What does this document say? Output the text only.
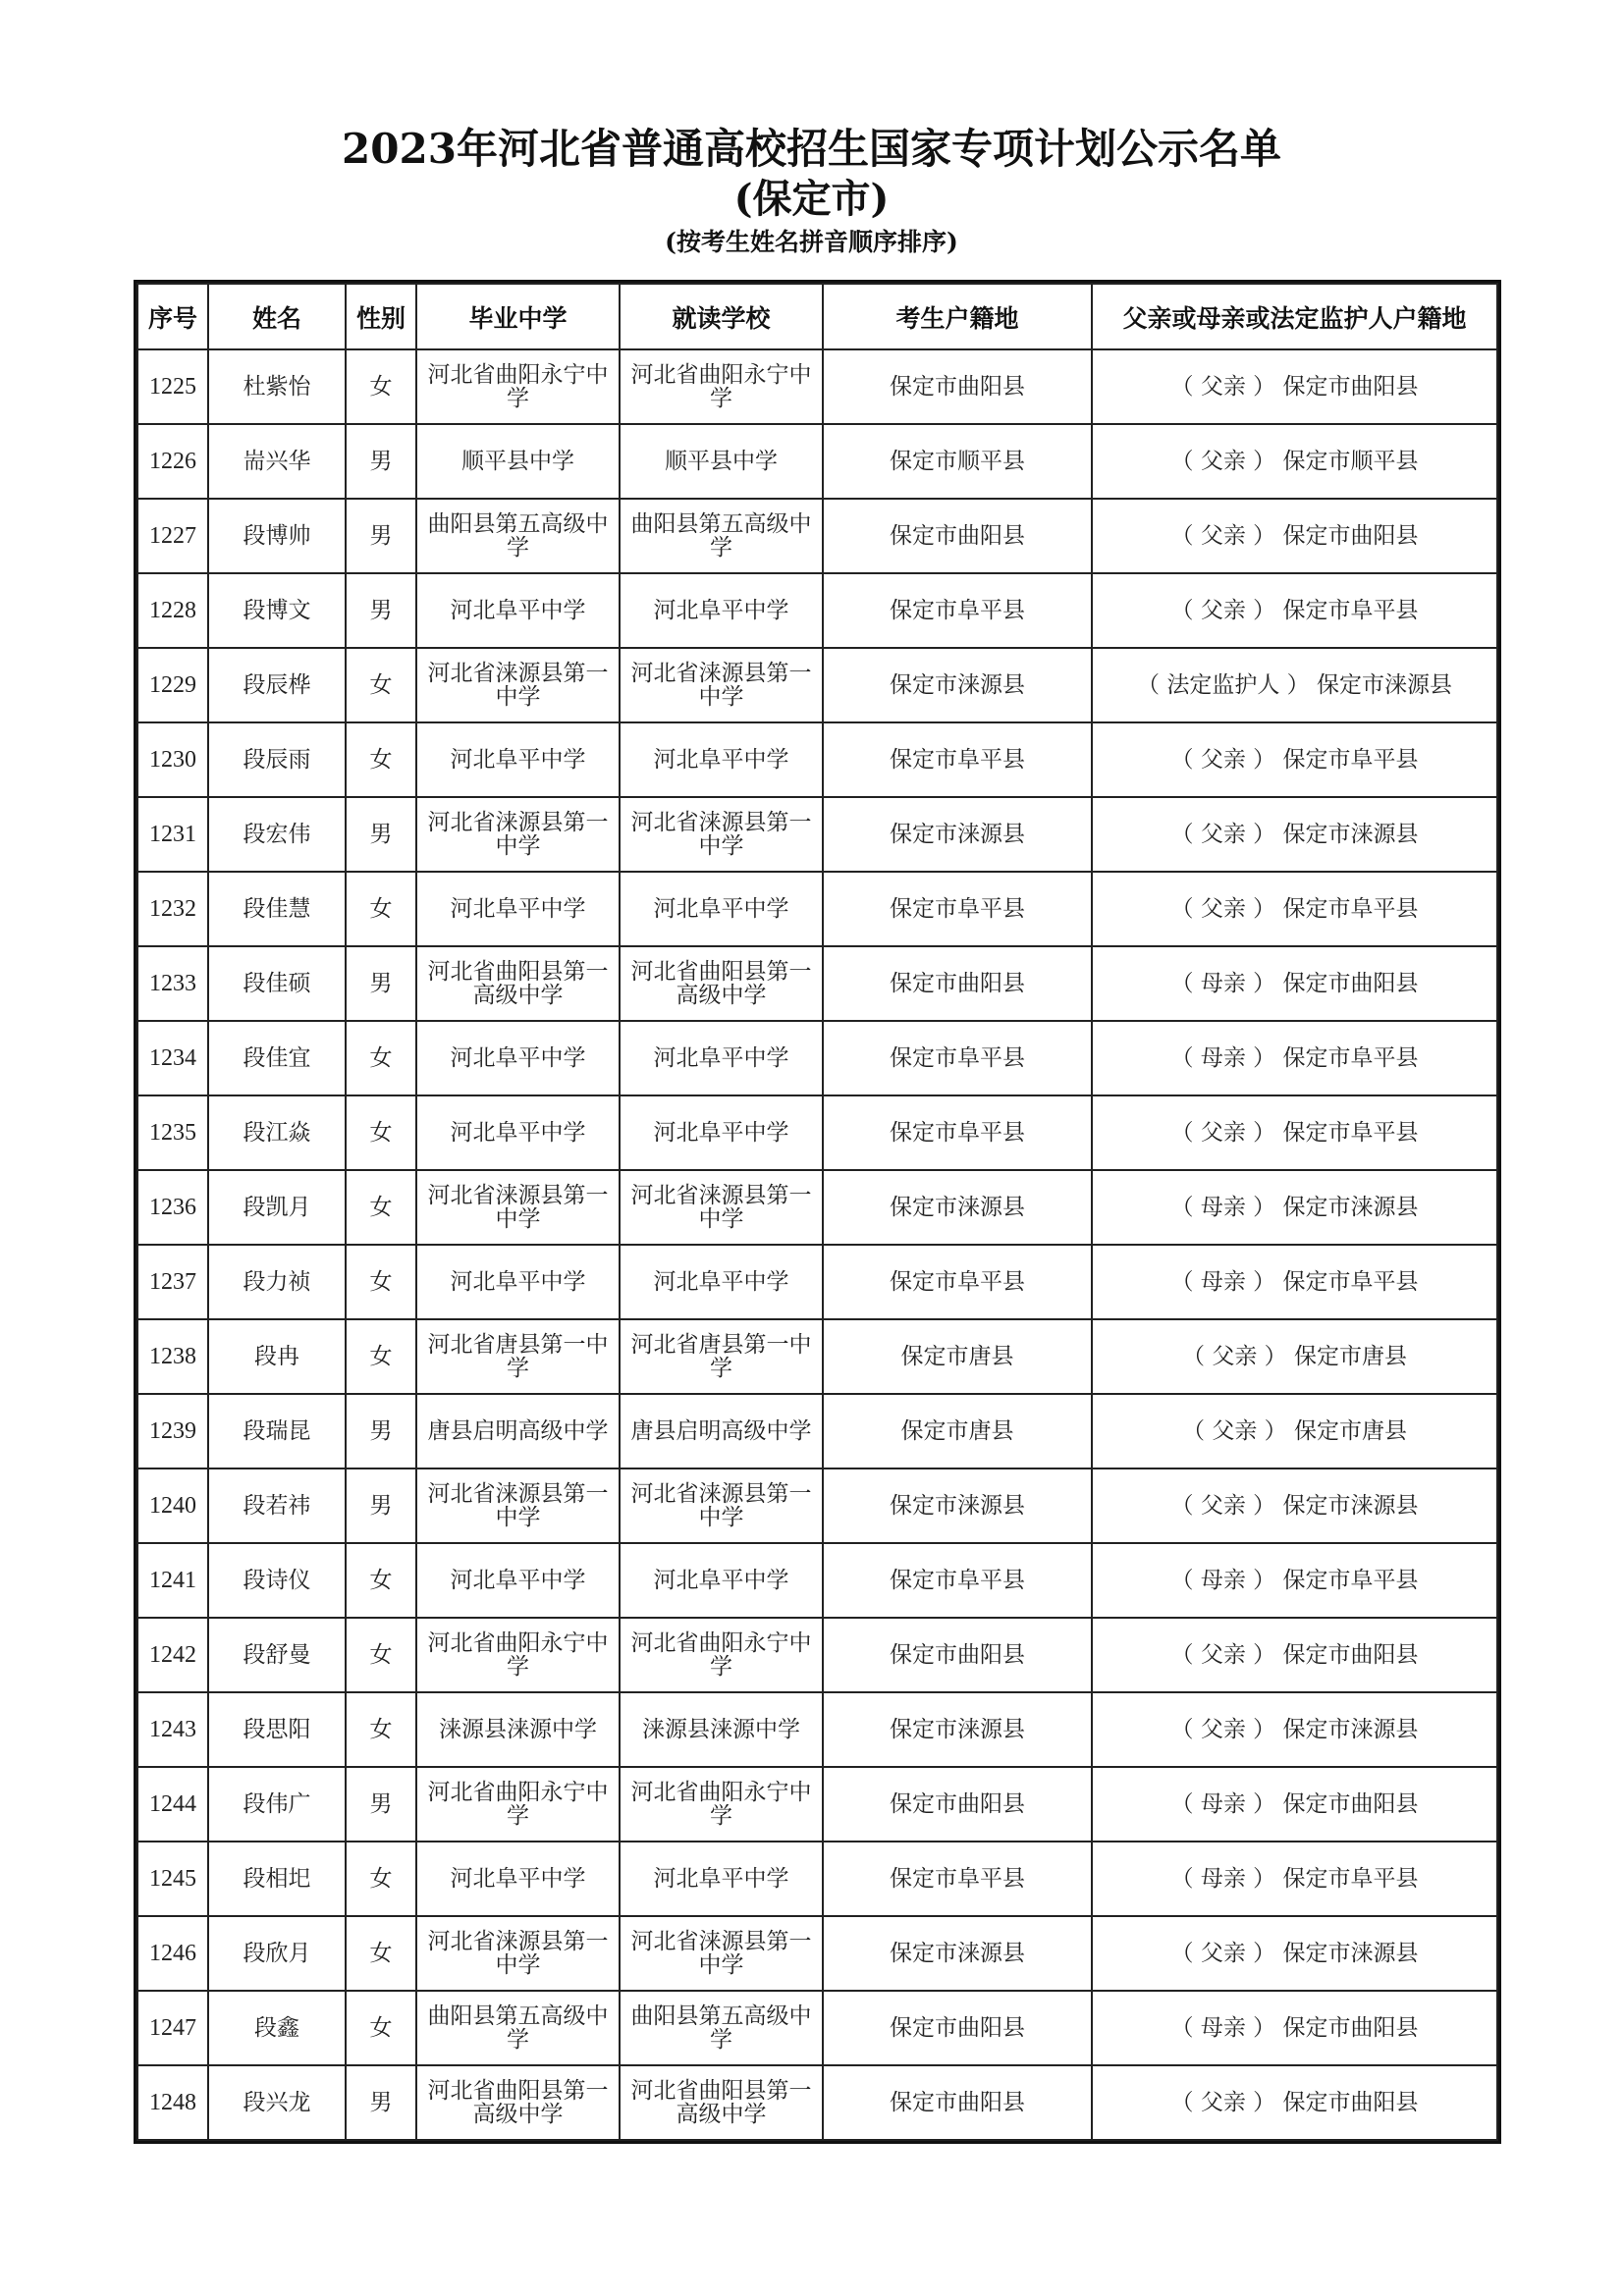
2023年河北省普通高校招生国家专项计划公示名单
(保定市)
(按考生姓名拼音顺序排序)
序号	姓名	性别	毕业中学	就读学校	考生户籍地	父亲或母亲或法定监护人户籍地
1225	杜紫怡	女	河北省曲阳永宁中学	河北省曲阳永宁中学	保定市曲阳县	（ 父亲 ） 保定市曲阳县
1226	耑兴华	男	顺平县中学	顺平县中学	保定市顺平县	（ 父亲 ） 保定市顺平县
1227	段博帅	男	曲阳县第五高级中学	曲阳县第五高级中学	保定市曲阳县	（ 父亲 ） 保定市曲阳县
1228	段博文	男	河北阜平中学	河北阜平中学	保定市阜平县	（ 父亲 ） 保定市阜平县
1229	段辰桦	女	河北省涞源县第一中学	河北省涞源县第一中学	保定市涞源县	（ 法定监护人 ） 保定市涞源县
1230	段辰雨	女	河北阜平中学	河北阜平中学	保定市阜平县	（ 父亲 ） 保定市阜平县
1231	段宏伟	男	河北省涞源县第一中学	河北省涞源县第一中学	保定市涞源县	（ 父亲 ） 保定市涞源县
1232	段佳慧	女	河北阜平中学	河北阜平中学	保定市阜平县	（ 父亲 ） 保定市阜平县
1233	段佳硕	男	河北省曲阳县第一高级中学	河北省曲阳县第一高级中学	保定市曲阳县	（ 母亲 ） 保定市曲阳县
1234	段佳宜	女	河北阜平中学	河北阜平中学	保定市阜平县	（ 母亲 ） 保定市阜平县
1235	段江焱	女	河北阜平中学	河北阜平中学	保定市阜平县	（ 父亲 ） 保定市阜平县
1236	段凯月	女	河北省涞源县第一中学	河北省涞源县第一中学	保定市涞源县	（ 母亲 ） 保定市涞源县
1237	段力祯	女	河北阜平中学	河北阜平中学	保定市阜平县	（ 母亲 ） 保定市阜平县
1238	段冉	女	河北省唐县第一中学	河北省唐县第一中学	保定市唐县	（ 父亲 ） 保定市唐县
1239	段瑞昆	男	唐县启明高级中学	唐县启明高级中学	保定市唐县	（ 父亲 ） 保定市唐县
1240	段若祎	男	河北省涞源县第一中学	河北省涞源县第一中学	保定市涞源县	（ 父亲 ） 保定市涞源县
1241	段诗仪	女	河北阜平中学	河北阜平中学	保定市阜平县	（ 母亲 ） 保定市阜平县
1242	段舒曼	女	河北省曲阳永宁中学	河北省曲阳永宁中学	保定市曲阳县	（ 父亲 ） 保定市曲阳县
1243	段思阳	女	涞源县涞源中学	涞源县涞源中学	保定市涞源县	（ 父亲 ） 保定市涞源县
1244	段伟广	男	河北省曲阳永宁中学	河北省曲阳永宁中学	保定市曲阳县	（ 母亲 ） 保定市曲阳县
1245	段相圯	女	河北阜平中学	河北阜平中学	保定市阜平县	（ 母亲 ） 保定市阜平县
1246	段欣月	女	河北省涞源县第一中学	河北省涞源县第一中学	保定市涞源县	（ 父亲 ） 保定市涞源县
1247	段鑫	女	曲阳县第五高级中学	曲阳县第五高级中学	保定市曲阳县	（ 母亲 ） 保定市曲阳县
1248	段兴龙	男	河北省曲阳县第一高级中学	河北省曲阳县第一高级中学	保定市曲阳县	（ 父亲 ） 保定市曲阳县
